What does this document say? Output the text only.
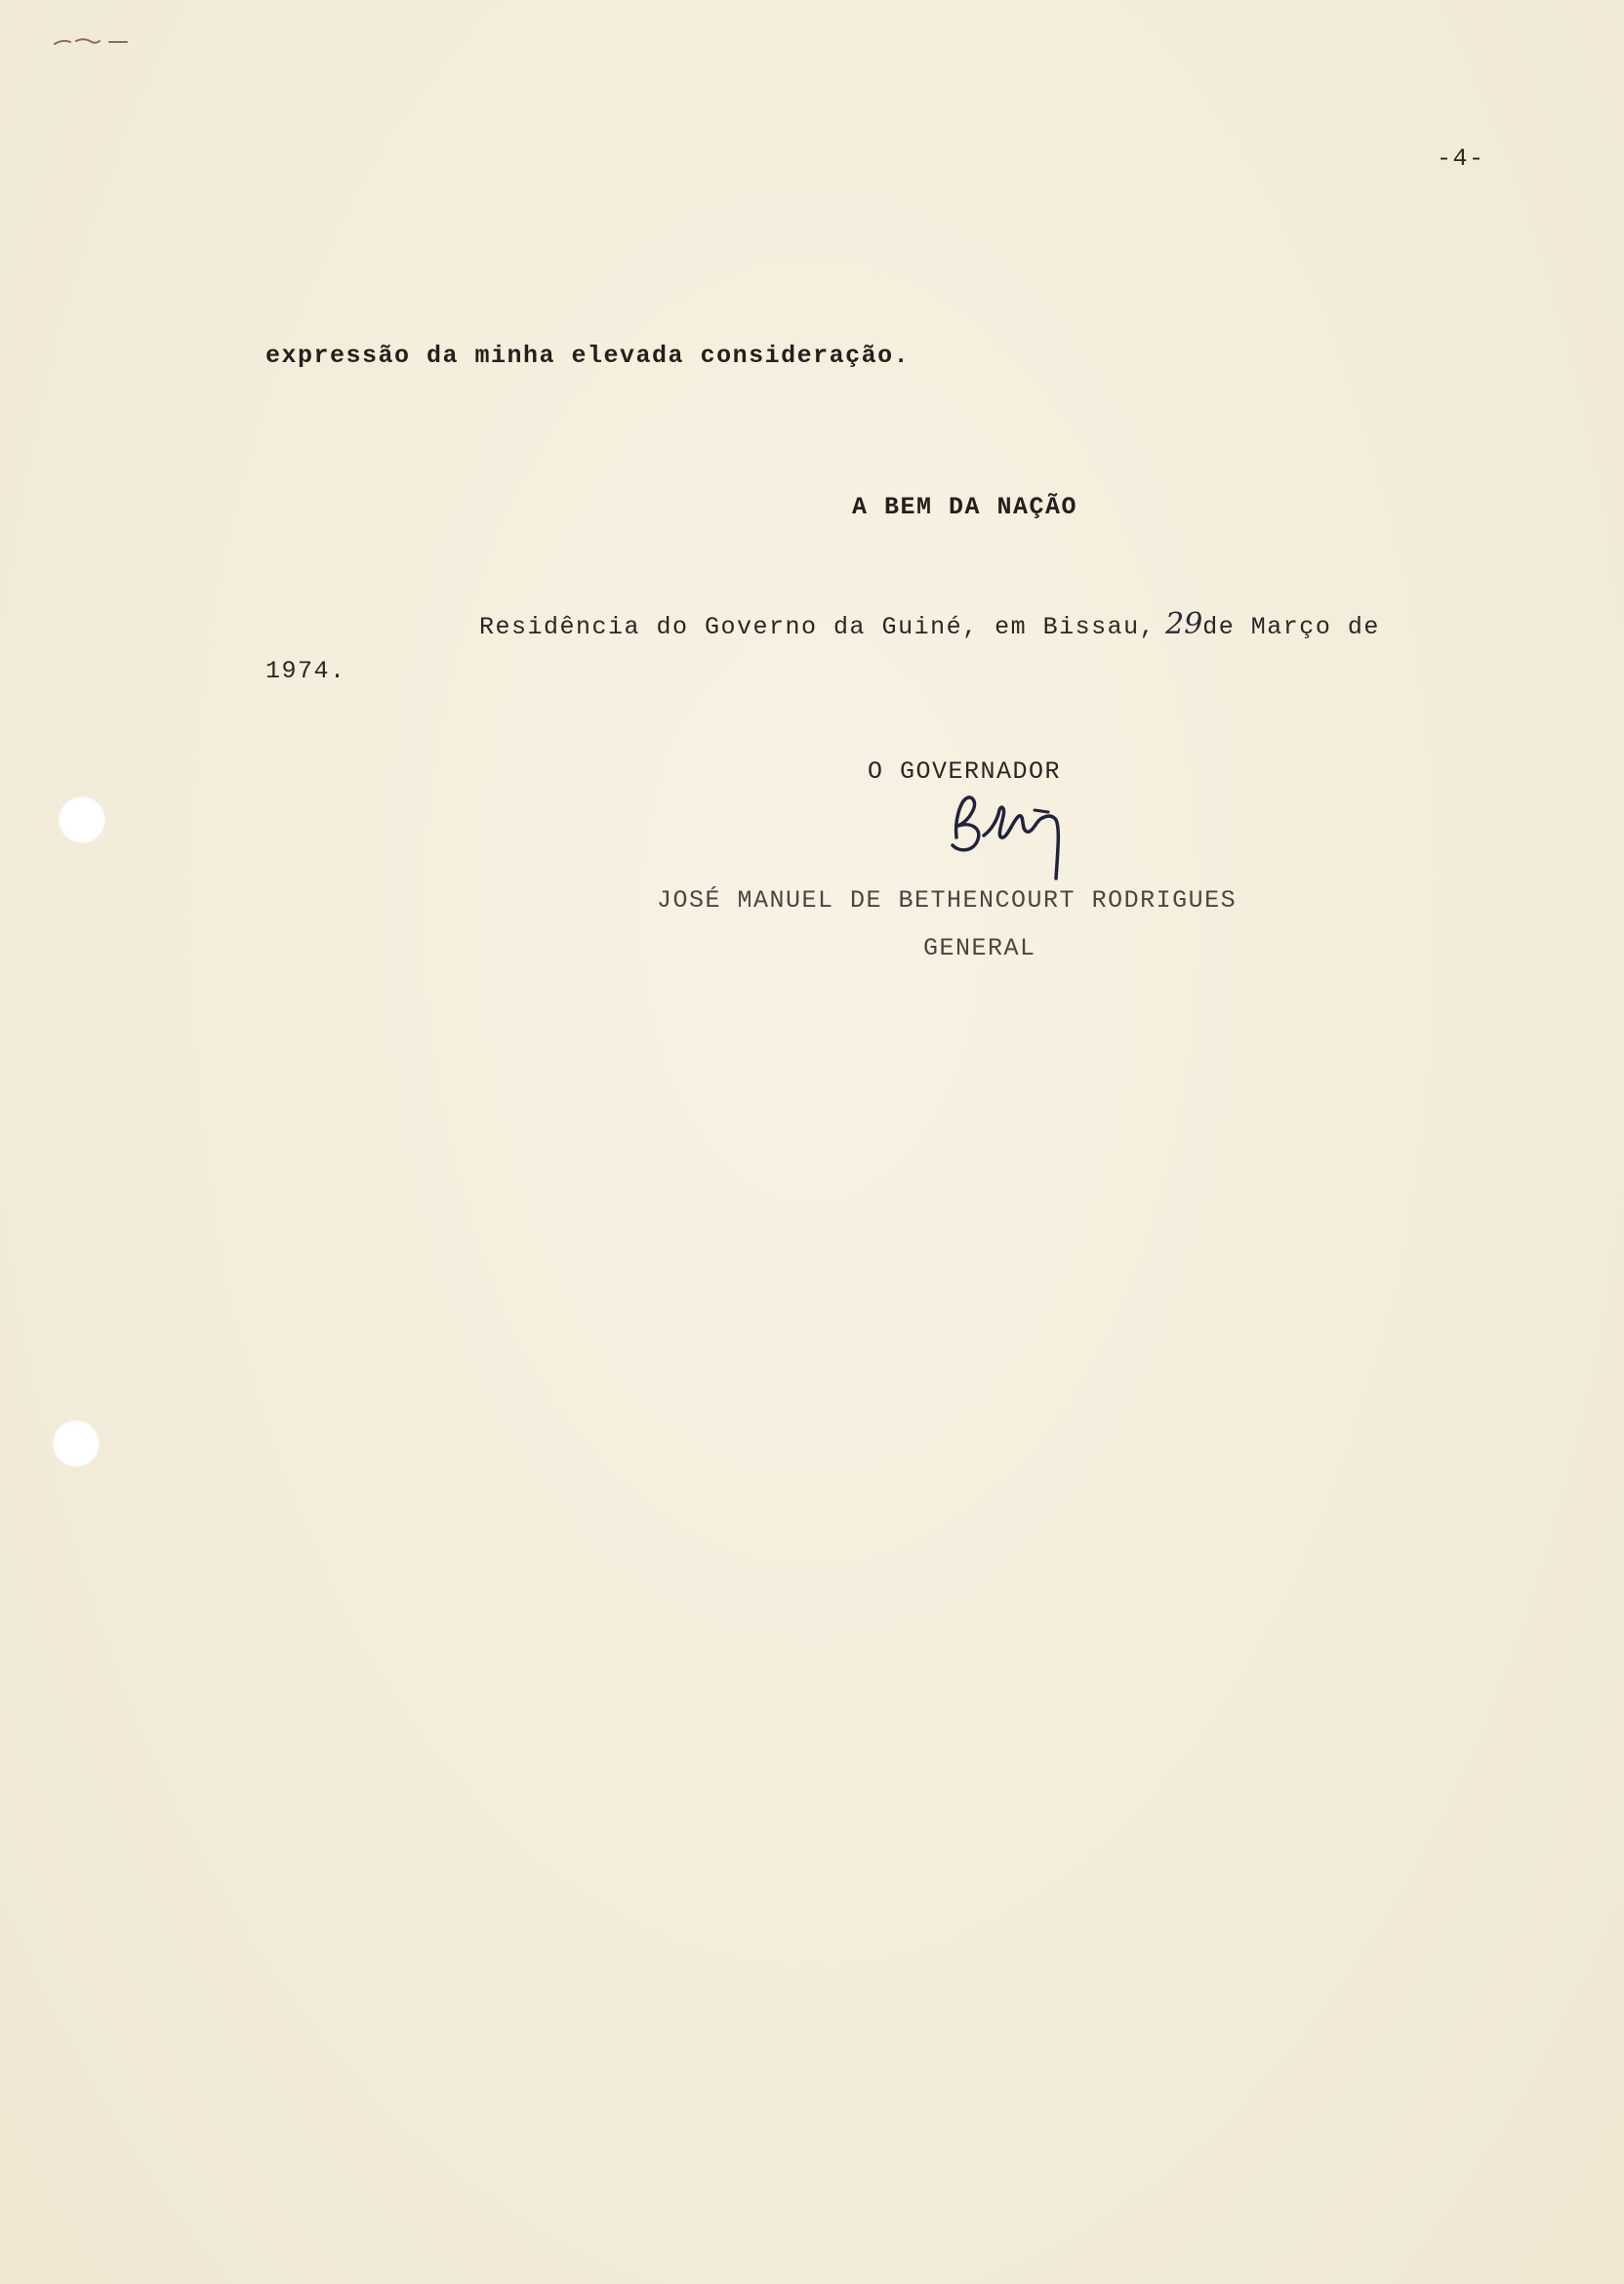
-4-
expressão da minha elevada consideração.
A BEM DA NAÇÃO
Residência do Governo da Guiné, em Bissau, 29de Março de
1974.
O GOVERNADOR
JOSÉ MANUEL DE BETHENCOURT RODRIGUES
GENERAL
